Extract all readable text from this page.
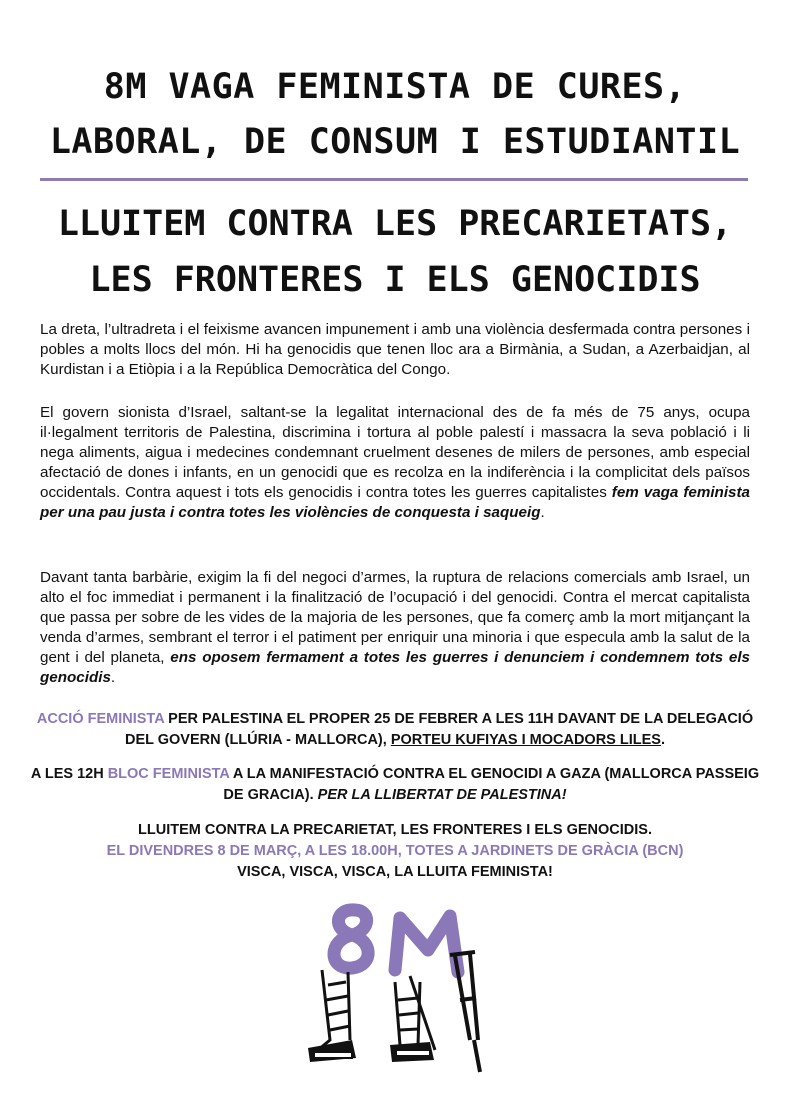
8M VAGA FEMINISTA DE CURES,
LABORAL, DE CONSUM I ESTUDIANTIL
LLUITEM CONTRA LES PRECARIETATS,
LES FRONTERES I ELS GENOCIDIS

La dreta, l’ultradreta i el feixisme avancen impunement i amb una violència desfermada contra persones i pobles a molts llocs del món. Hi ha genocidis que tenen lloc ara a Birmània, a Sudan, a Azerbaidjan, al Kurdistan i a Etiòpia i a la República Democràtica del Congo.

El govern sionista d’Israel, saltant-se la legalitat internacional des de fa més de 75 anys, ocupa il·legalment territoris de Palestina, discrimina i tortura al poble palestí i massacra la seva població i li nega aliments, aigua i medecines condemnant cruelment desenes de milers de persones, amb especial afectació de dones i infants, en un genocidi que es recolza en la indiferència i la complicitat dels països occidentals. Contra aquest i tots els genocidis i contra totes les guerres capitalistes fem vaga feminista per una pau justa i contra totes les violències de conquesta i saqueig.

Davant tanta barbàrie, exigim la fi del negoci d’armes, la ruptura de relacions comercials amb Israel, un alto el foc immediat i permanent i la finalització de l’ocupació i del genocidi. Contra el mercat capitalista que passa per sobre de les vides de la majoria de les persones, que fa comerç amb la mort mitjançant la venda d’armes, sembrant el terror i el patiment per enriquir una minoria i que especula amb la salut de la gent i del planeta, ens oposem fermament a totes les guerres i denunciem i condemnem tots els genocidis.

ACCIÓ FEMINISTA PER PALESTINA EL PROPER 25 DE FEBRER A LES 11H DAVANT DE LA DELEGACIÓ DEL GOVERN (LLÚRIA - MALLORCA), PORTEU KUFIYAS I MOCADORS LILES.

A LES 12H BLOC FEMINISTA A LA MANIFESTACIÓ CONTRA EL GENOCIDI A GAZA (MALLORCA PASSEIG DE GRACIA). PER LA LLIBERTAT DE PALESTINA!

LLUITEM CONTRA LA PRECARIETAT, LES FRONTERES I ELS GENOCIDIS.
EL DIVENDRES 8 DE MARÇ, A LES 18.00H, TOTES A JARDINETS DE GRÀCIA (BCN)
VISCA, VISCA, VISCA, LA LLUITA FEMINISTA!
